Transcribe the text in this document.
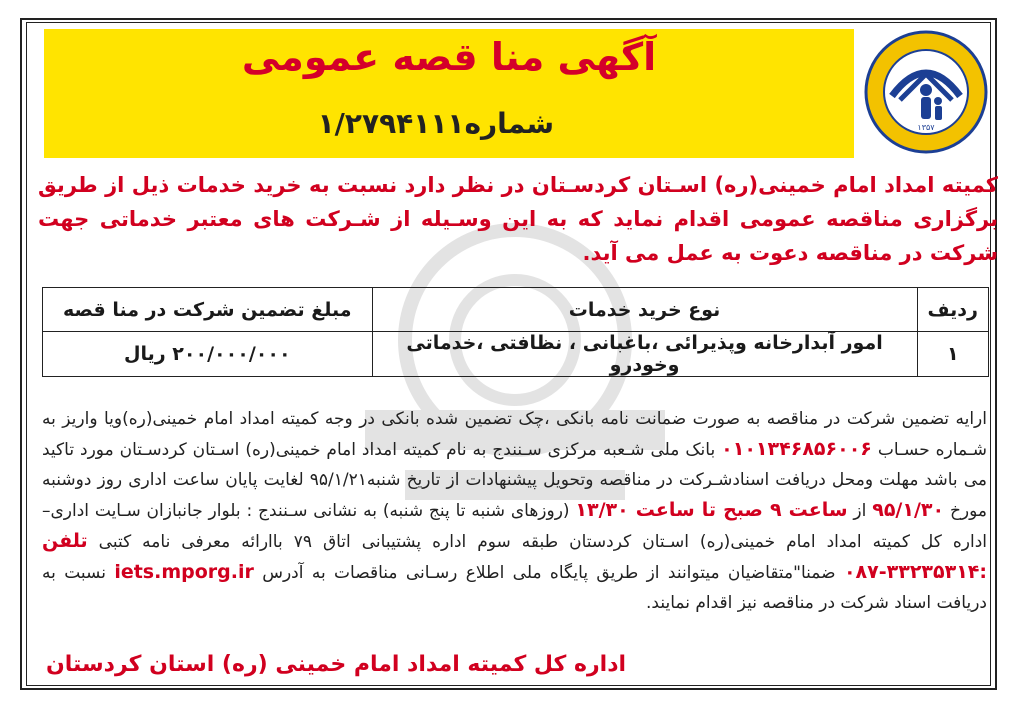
۱۳۵۷
آگهی منا قصه عمومی
شماره۱/۲۷۹۴۱۱۱
کمیته امداد امام خمینی(ره) اسـتان کردسـتان در نظر دارد نسبت به خرید خدمات ذیل از طریق برگزاری مناقصه عمومی اقدام نماید که به این وسـیله از شـرکت های معتبر خدماتی جهت شرکت در مناقصه دعوت به عمل می آید.
ردیف	نوع خرید خدمات	مبلغ تضمین شرکت در منا قصه
۱	امور آبدارخانه وپذیرائی ،باغبانی ، نظافتی ،خدماتی وخودرو	۲۰۰/۰۰۰/۰۰۰ ریال
ارایه تضمین شرکت در مناقصه به صورت ضمانت نامه بانکی ،چک تضمین شده بانکی در وجه کمیته امداد امام خمینی(ره)ویا واریز به شـماره حسـاب ۰۱۰۱۳۴۶۸۵۶۰۰۶ بانک ملی شـعبه مرکزی سـنندج به نام کمیته امداد امام خمینی(ره) اسـتان کردسـتان مورد تاکید می باشد مهلت ومحل دریافت اسنادشـرکت در مناقصه وتحویل پیشنهادات از تاریخ شنبه۹۵/۱/۲۱ لغایت پایان ساعت اداری روز دوشنبه مورخ ۹۵/۱/۳۰ از ساعت ۹ صبح تا ساعت ۱۳/۳۰ (روزهای شنبه تا پنج شنبه) به نشانی سـنندج : بلوار جانبازان سـایت اداری– اداره کل کمیته امداد امام خمینی(ره) اسـتان کردستان طبقه سوم اداره پشتیبانی اتاق ۷۹ باارائه معرفی نامه کتبی تلفن :۳۳۲۳۵۳۱۴-۰۸۷ ضمنا"متقاضیان میتوانند از طریق پایگاه ملی اطلاع رسـانی مناقصات به آدرس iets.mporg.ir نسبت به دریافت اسناد شرکت در مناقصه نیز اقدام نمایند.
اداره کل کمیته امداد امام خمینی (ره) استان کردستان
